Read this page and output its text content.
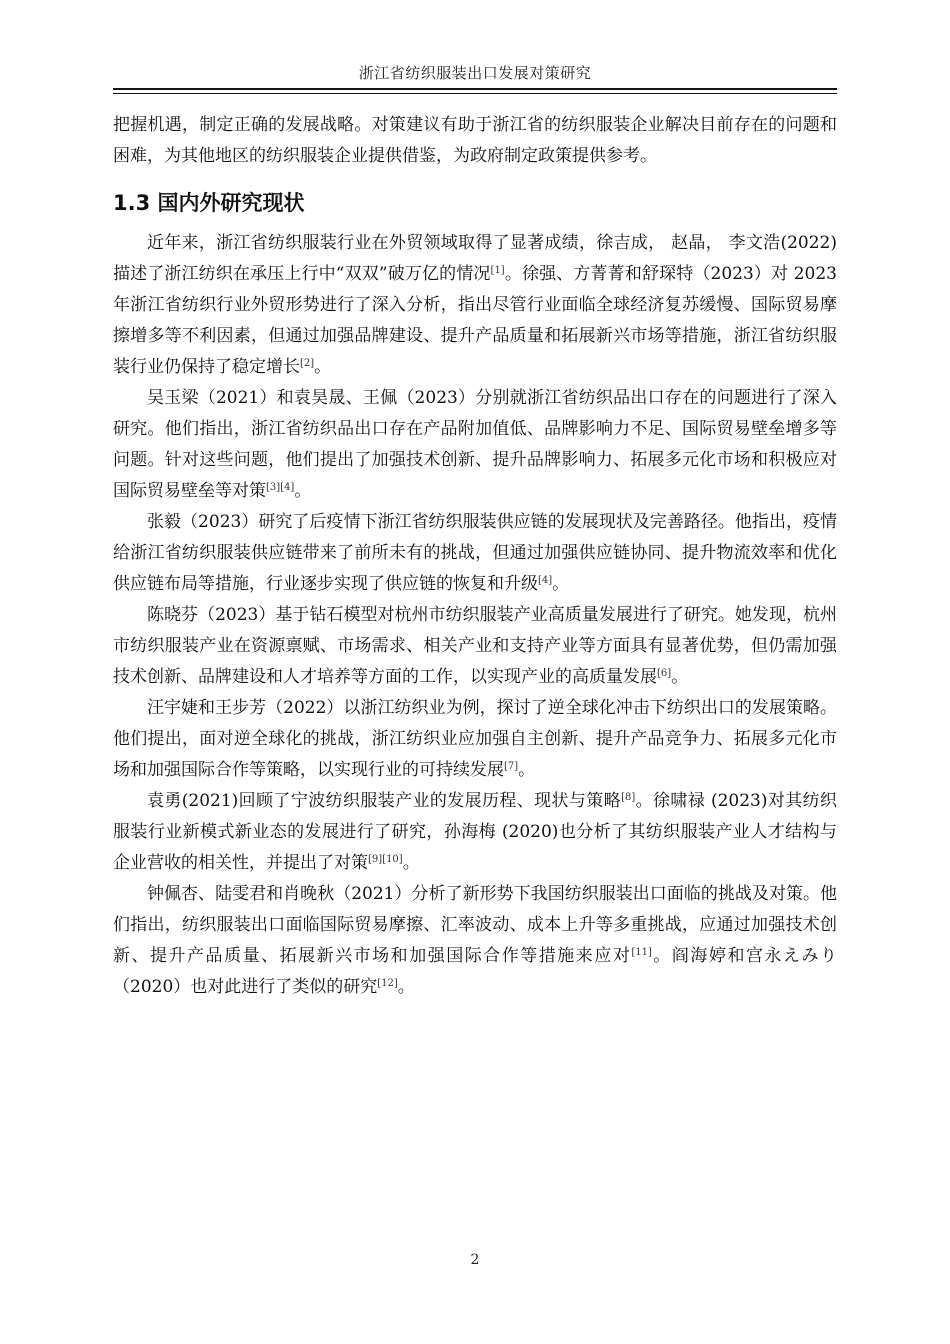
浙江省纺织服装出口发展对策研究

把握机遇，制定正确的发展战略。对策建议有助于浙江省的纺织服装企业解决目前存在的问题和困难，为其他地区的纺织服装企业提供借鉴，为政府制定政策提供参考。

1.3 国内外研究现状

近年来，浙江省纺织服装行业在外贸领域取得了显著成绩，徐吉成， 赵晶， 李文浩(2022)描述了浙江纺织在承压上行中“双双”破万亿的情况[1]。徐强、方菁菁和舒琛特（2023）对 2023 年浙江省纺织行业外贸形势进行了深入分析，指出尽管行业面临全球经济复苏缓慢、国际贸易摩擦增多等不利因素，但通过加强品牌建设、提升产品质量和拓展新兴市场等措施，浙江省纺织服装行业仍保持了稳定增长[2]。

吴玉梁（2021）和袁昊晟、王佩（2023）分别就浙江省纺织品出口存在的问题进行了深入研究。他们指出，浙江省纺织品出口存在产品附加值低、品牌影响力不足、国际贸易壁垒增多等问题。针对这些问题，他们提出了加强技术创新、提升品牌影响力、拓展多元化市场和积极应对国际贸易壁垒等对策[3][4]。

张毅（2023）研究了后疫情下浙江省纺织服装供应链的发展现状及完善路径。他指出，疫情给浙江省纺织服装供应链带来了前所未有的挑战，但通过加强供应链协同、提升物流效率和优化供应链布局等措施，行业逐步实现了供应链的恢复和升级[4]。

陈晓芬（2023）基于钻石模型对杭州市纺织服装产业高质量发展进行了研究。她发现，杭州市纺织服装产业在资源禀赋、市场需求、相关产业和支持产业等方面具有显著优势，但仍需加强技术创新、品牌建设和人才培养等方面的工作，以实现产业的高质量发展[6]。

汪宇婕和王步芳（2022）以浙江纺织业为例，探讨了逆全球化冲击下纺织出口的发展策略。他们提出，面对逆全球化的挑战，浙江纺织业应加强自主创新、提升产品竞争力、拓展多元化市场和加强国际合作等策略，以实现行业的可持续发展[7]。

袁勇(2021)回顾了宁波纺织服装产业的发展历程、现状与策略[8]。徐啸禄 (2023)对其纺织服装行业新模式新业态的发展进行了研究，孙海梅 (2020)也分析了其纺织服装产业人才结构与企业营收的相关性，并提出了对策[9][10]。

钟佩杏、陆雯君和肖晚秋（2021）分析了新形势下我国纺织服装出口面临的挑战及对策。他们指出，纺织服装出口面临国际贸易摩擦、汇率波动、成本上升等多重挑战，应通过加强技术创新、提升产品质量、拓展新兴市场和加强国际合作等措施来应对[11]。阎海婷和宫永えみり（2020）也对此进行了类似的研究[12]。

2
